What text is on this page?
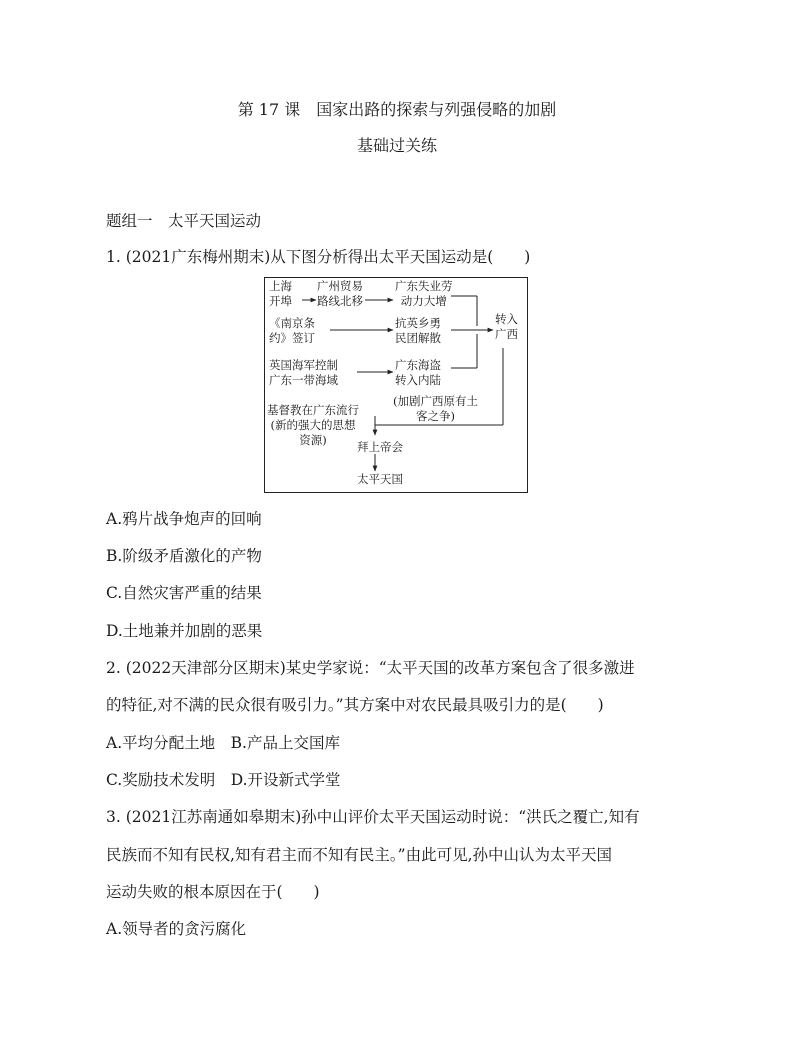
第 17 课　国家出路的探索与列强侵略的加剧
基础过关练
题组一　太平天国运动
1. (2021广东梅州期末)从下图分析得出太平天国运动是(　　)
上海
开埠
广州贸易
路线北移
广东失业劳
动力大增
《南京条
约》签订
抗英乡勇
民团解散
转入
广西
英国海军控制
广东一带海域
广东海盗
转入内陆
基督教在广东流行
(新的强大的思想
资源)
(加剧广西原有土
客之争)
拜上帝会
太平天国
A.鸦片战争炮声的回响
B.阶级矛盾激化的产物
C.自然灾害严重的结果
D.土地兼并加剧的恶果
2. (2022天津部分区期末)某史学家说：“太平天国的改革方案包含了很多激进
的特征,对不满的民众很有吸引力。”其方案中对农民最具吸引力的是(　　)
A.平均分配土地　B.产品上交国库
C.奖励技术发明　D.开设新式学堂
3. (2021江苏南通如皋期末)孙中山评价太平天国运动时说：“洪氏之覆亡,知有
民族而不知有民权,知有君主而不知有民主。”由此可见,孙中山认为太平天国
运动失败的根本原因在于(　　)
A.领导者的贪污腐化
